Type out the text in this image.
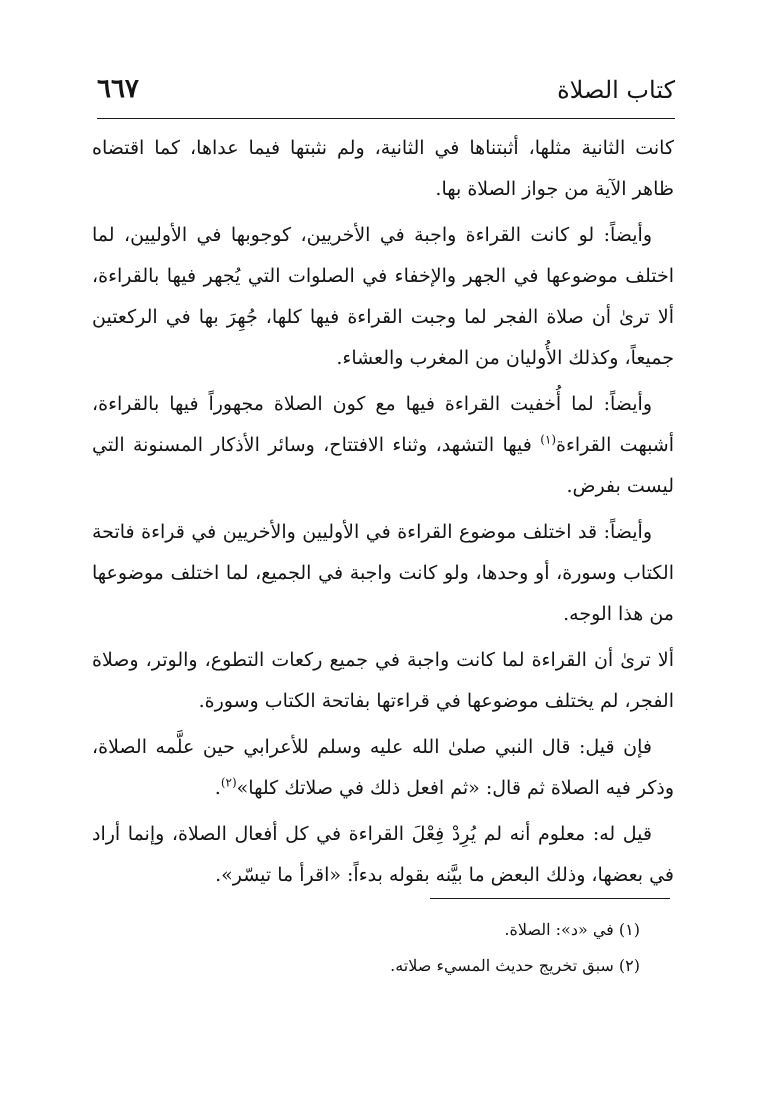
كتاب الصلاة
٦٦٧

كانت الثانية مثلها، أثبتناها في الثانية، ولم نثبتها فيما عداها، كما اقتضاه ظاهر الآية من جواز الصلاة بها.

وأيضاً: لو كانت القراءة واجبة في الأخريين، كوجوبها في الأوليين، لما اختلف موضوعها في الجهر والإخفاء في الصلوات التي يُجهر فيها بالقراءة، ألا ترىٰ أن صلاة الفجر لما وجبت القراءة فيها كلها، جُهِرَ بها في الركعتين جميعاً، وكذلك الأُوليان من المغرب والعشاء.

وأيضاً: لما أُخفيت القراءة فيها مع كون الصلاة مجهوراً فيها بالقراءة، أشبهت القراءة$^{(١)}$ فيها التشهد، وثناء الافتتاح، وسائر الأذكار المسنونة التي ليست بفرض.

وأيضاً: قد اختلف موضوع القراءة في الأوليين والأخريين في قراءة فاتحة الكتاب وسورة، أو وحدها، ولو كانت واجبة في الجميع، لما اختلف موضوعها من هذا الوجه.

ألا ترىٰ أن القراءة لما كانت واجبة في جميع ركعات التطوع، والوتر، وصلاة الفجر، لم يختلف موضوعها في قراءتها بفاتحة الكتاب وسورة.

فإن قيل: قال النبي صلىٰ الله عليه وسلم للأعرابي حين علَّمه الصلاة، وذكر فيه الصلاة ثم قال: «ثم افعل ذلك في صلاتك كلها»$^{(٢)}$.

قيل له: معلوم أنه لم يُرِدْ فِعْلَ القراءة في كل أفعال الصلاة، وإنما أراد في بعضها، وذلك البعض ما بيَّنه بقوله بدءاً: «اقرأ ما تيسّر».

(١) في «د»: الصلاة.

(٢) سبق تخريج حديث المسيء صلاته.
